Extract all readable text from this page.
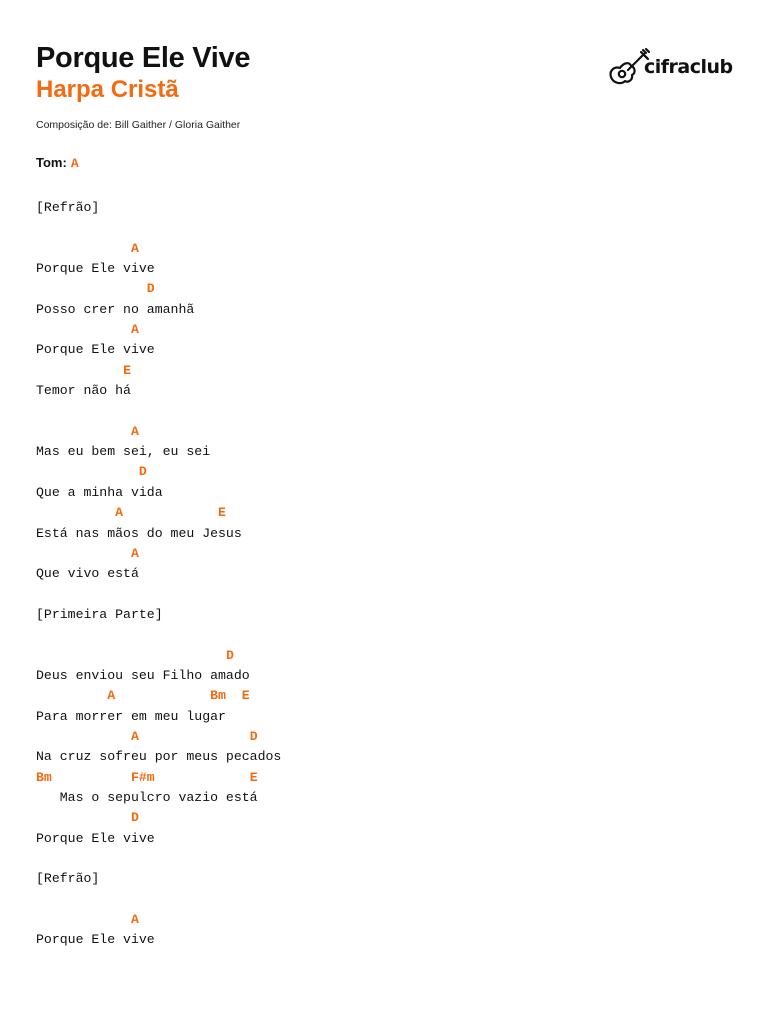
Porque Ele Vive
Harpa Cristã
Composição de: Bill Gaither / Gloria Gaither
Tom: A
cifraclub
[Refrão]
A
Porque Ele vive
D
Posso crer no amanhã
A
Porque Ele vive
E
Temor não há
A
Mas eu bem sei, eu sei
D
Que a minha vida
A	E
Está nas mãos do meu Jesus
A
Que vivo está
[Primeira Parte]
D
Deus enviou seu Filho amado
A	Bm E
Para morrer em meu lugar
A	D
Na cruz sofreu por meus pecados
Bm	F#m	E
Mas o sepulcro vazio está
D
Porque Ele vive
[Refrão]
A
Porque Ele vive
